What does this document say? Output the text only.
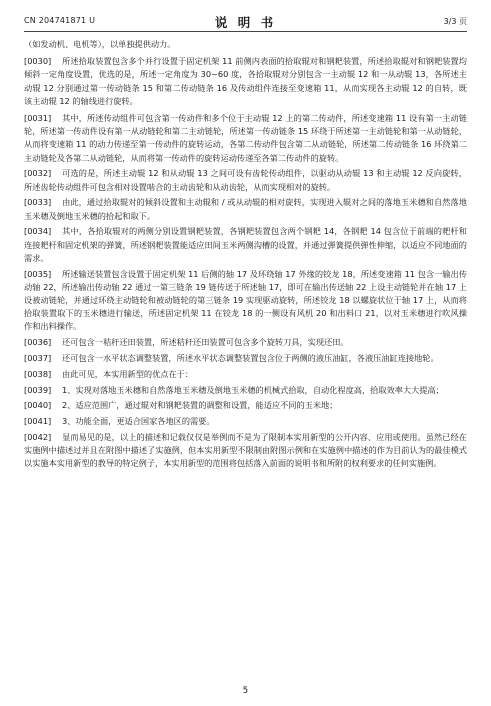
CN 204741871 U	说 明 书	3/3 页

（如发动机、电机等），以单独提供动力。

[0030] 所述拾取装置包含多个并行设置于固定机架 11 前侧内表面的拾取辊对和钢耙装置，所述拾取辊对和钢耙装置均倾斜一定角度设置，优选的是，所述一定角度为 30~60 度，各拾取辊对分别包含一主动辊 12 和一从动辊 13，各所述主动辊 12 分别通过第一传动链条 15 和第二传动链条 16 及传动组件连接至变速箱 11，从而实现各主动辊 12 的自转，既该主动辊 12 的轴线进行旋转。

[0031] 其中，所述传动组件可包含第一传动件和多个位于主动辊 12 上的第二传动件，所述变速箱 11 设有第一主动链轮，所述第一传动件设有第一从动链轮和第二主动链轮，所述第一传动链条 15 环绕于所述第一主动链轮和第一从动链轮，从而将变速箱 11 的动力传递至第一传动件的旋转运动，各第二传动件包含第二从动链轮，所述第二传动链条 16 环绕第二主动链轮及各第二从动链轮，从而将第一传动件的旋转运动传递至各第二传动件的旋转。

[0032] 可选的是，所述主动辊 12 和从动辊 13 之间可设有齿轮传动组件，以驱动从动辊 13 和主动辊 12 反向旋转，所述齿轮传动组件可包含相对设置啮合的主动齿轮和从动齿轮，从而实现相对的旋转。

[0033] 由此，通过拾取辊对的倾斜设置和主动辊和 / 或从动辊的相对旋转，实现进入辊对之间的落地玉米穗和自然落地玉米穗及倒地玉米穗的拾起和取下。

[0034] 其中，各拾取辊对的两侧分别设置钢耙装置，各钢耙装置包含两个钢耙 14，各钢耙 14 包含位于前端的耙杆和连接耙杆和固定机架的弹簧，所述钢耙装置能适应田间玉米两侧沟槽的设置，并通过弹簧提供弹性伸缩，以适应不同地面的需求。

[0035] 所述输送装置包含设置于固定机架 11 后侧的轴 17 及环绕轴 17 外缘的铰龙 18，所述变速箱 11 包含一输出传动轴 22，所述输出传动轴 22 通过一第三链条 19 链传送于所述轴 17，即可在输出传送轴 22 上设主动链轮并在轴 17 上设被动链轮，并通过环绕主动链轮和被动链轮的第三链条 19 实现驱动旋转，所述铰龙 18 以螺旋状位于轴 17 上，从而将拾取装置取下的玉米穗进行输送，所述固定机架 11 在铰龙 18 的一侧设有风机 20 和出料口 21，以对玉米穗进行吹风操作和出料操作。

[0036] 还可包含一秸秆还田装置，所述秸秆还田装置可包含多个旋转刀具，实现还田。

[0037] 还可包含一水平状态调整装置，所述水平状态调整装置包含位于两侧的液压油缸，各液压油缸连接地轮。

[0038] 由此可见，本实用新型的优点在于：

[0039] 1、实现对落地玉米穗和自然落地玉米穗及倒地玉米穗的机械式拾取，自动化程度高，拾取效率大大提高；

[0040] 2、适应范围广，通过辊对和钢耙装置的调整和设置，能适应不同的玉米地；

[0041] 3、功能全面，更适合国家各地区的需要。

[0042] 显而易见的是，以上的描述和记载仅仅是举例而不是为了限制本实用新型的公开内容、应用或使用。虽然已经在实施例中描述过并且在附图中描述了实施例，但本实用新型不限制由附图示例和在实施例中描述的作为目前认为的最佳模式以实施本实用新型的教导的特定例子，本实用新型的范围将包括落入前面的说明书和所附的权利要求的任何实施例。

5
